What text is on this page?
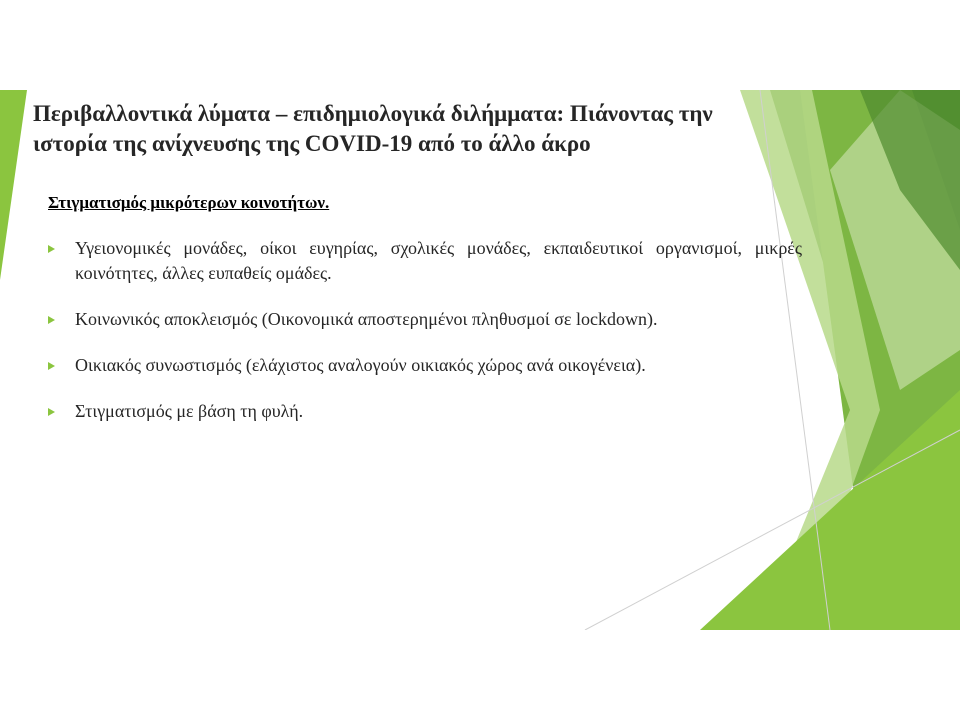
Περιβαλλοντικά λύματα – επιδημιολογικά διλήμματα: Πιάνοντας την
ιστορία της ανίχνευσης της COVID-19 από το άλλο άκρο

Στιγματισμός μικρότερων κοινοτήτων.

Υγειονομικές μονάδες, οίκοι ευγηρίας, σχολικές μονάδες, εκπαιδευτικοί οργανισμοί, μικρές κοινότητες, άλλες ευπαθείς ομάδες.
Κοινωνικός αποκλεισμός (Οικονομικά αποστερημένοι πληθυσμοί σε lockdown).
Οικιακός συνωστισμός (ελάχιστος αναλογούν οικιακός χώρος ανά οικογένεια).
Στιγματισμός με βάση τη φυλή.
